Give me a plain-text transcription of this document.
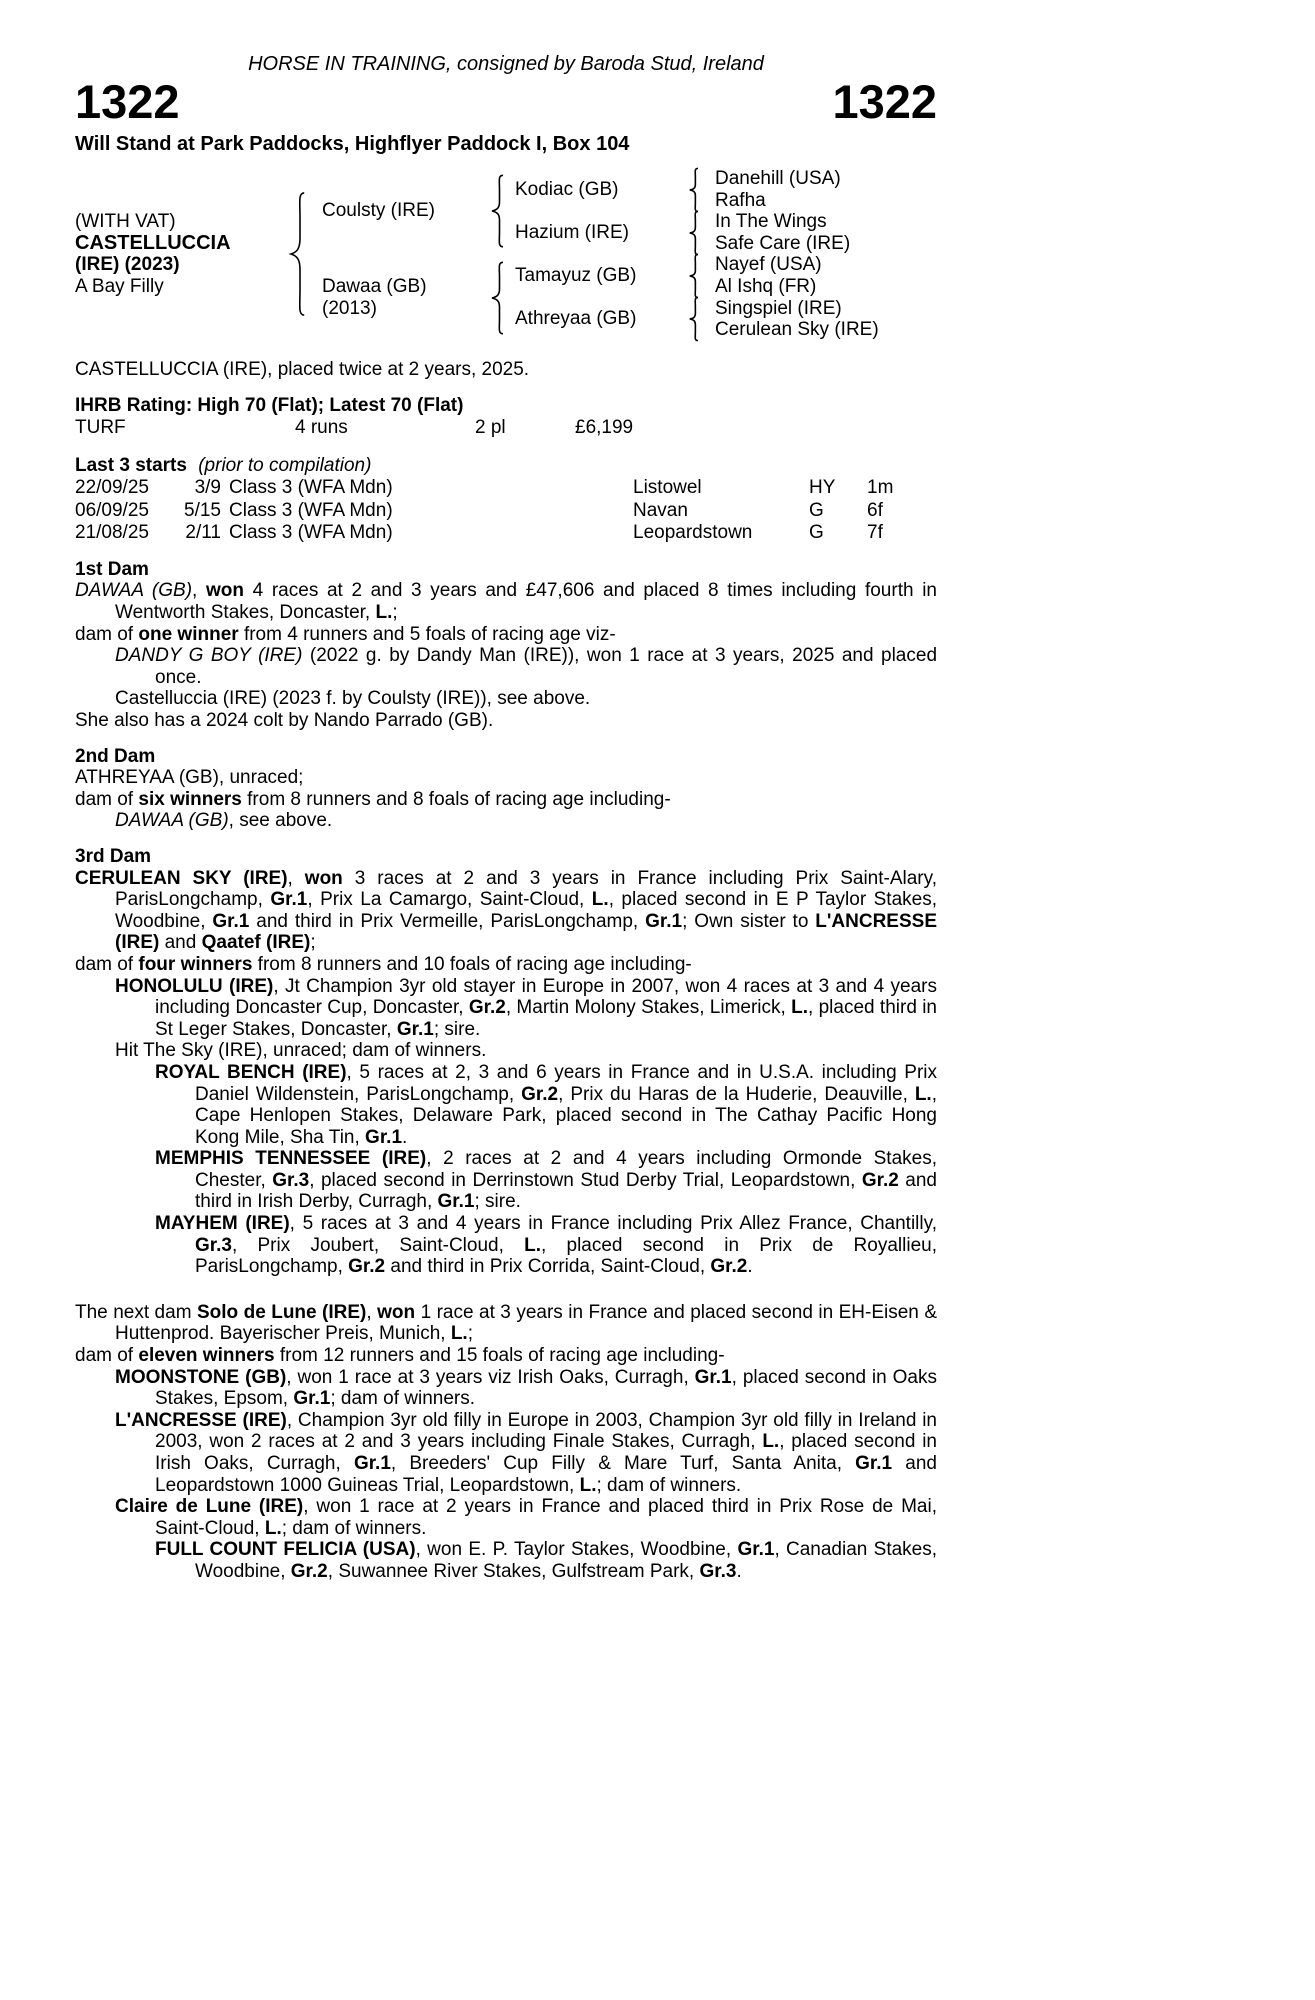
HORSE IN TRAINING, consigned by Baroda Stud, Ireland
1322	1322
Will Stand at Park Paddocks, Highflyer Paddock I, Box 104
(WITH VAT)
CASTELLUCCIA
(IRE) (2023)
A Bay Filly
Coulsty (IRE)
Dawaa (GB)
(2013)
Kodiac (GB)
Hazium (IRE)
Tamayuz (GB)
Athreyaa (GB)
Danehill (USA)
Rafha
In The Wings
Safe Care (IRE)
Nayef (USA)
Al Ishq (FR)
Singspiel (IRE)
Cerulean Sky (IRE)
CASTELLUCCIA (IRE), placed twice at 2 years, 2025.
IHRB Rating: High 70 (Flat); Latest 70 (Flat)
TURF	4 runs	2 pl	£6,199
Last 3 starts (prior to compilation)
22/09/25	3/9 Class 3 (WFA Mdn)	Listowel	HY	1m
06/09/25	5/15 Class 3 (WFA Mdn)	Navan	G	6f
21/08/25	2/11 Class 3 (WFA Mdn)	Leopardstown	G	7f
1st Dam
DAWAA (GB), won 4 races at 2 and 3 years and £47,606 and placed 8 times including fourth in Wentworth Stakes, Doncaster, L.;
dam of one winner from 4 runners and 5 foals of racing age viz-
DANDY G BOY (IRE) (2022 g. by Dandy Man (IRE)), won 1 race at 3 years, 2025 and placed once.
Castelluccia (IRE) (2023 f. by Coulsty (IRE)), see above.
She also has a 2024 colt by Nando Parrado (GB).
2nd Dam
ATHREYAA (GB), unraced;
dam of six winners from 8 runners and 8 foals of racing age including-
DAWAA (GB), see above.
3rd Dam
CERULEAN SKY (IRE), won 3 races at 2 and 3 years in France including Prix Saint-Alary, ParisLongchamp, Gr.1, Prix La Camargo, Saint-Cloud, L., placed second in E P Taylor Stakes, Woodbine, Gr.1 and third in Prix Vermeille, ParisLongchamp, Gr.1; Own sister to L'ANCRESSE (IRE) and Qaatef (IRE);
dam of four winners from 8 runners and 10 foals of racing age including-
HONOLULU (IRE), Jt Champion 3yr old stayer in Europe in 2007, won 4 races at 3 and 4 years including Doncaster Cup, Doncaster, Gr.2, Martin Molony Stakes, Limerick, L., placed third in St Leger Stakes, Doncaster, Gr.1; sire.
Hit The Sky (IRE), unraced; dam of winners.
ROYAL BENCH (IRE), 5 races at 2, 3 and 6 years in France and in U.S.A. including Prix Daniel Wildenstein, ParisLongchamp, Gr.2, Prix du Haras de la Huderie, Deauville, L., Cape Henlopen Stakes, Delaware Park, placed second in The Cathay Pacific Hong Kong Mile, Sha Tin, Gr.1.
MEMPHIS TENNESSEE (IRE), 2 races at 2 and 4 years including Ormonde Stakes, Chester, Gr.3, placed second in Derrinstown Stud Derby Trial, Leopardstown, Gr.2 and third in Irish Derby, Curragh, Gr.1; sire.
MAYHEM (IRE), 5 races at 3 and 4 years in France including Prix Allez France, Chantilly, Gr.3, Prix Joubert, Saint-Cloud, L., placed second in Prix de Royallieu, ParisLongchamp, Gr.2 and third in Prix Corrida, Saint-Cloud, Gr.2.
The next dam Solo de Lune (IRE), won 1 race at 3 years in France and placed second in EH-Eisen & Huttenprod. Bayerischer Preis, Munich, L.;
dam of eleven winners from 12 runners and 15 foals of racing age including-
MOONSTONE (GB), won 1 race at 3 years viz Irish Oaks, Curragh, Gr.1, placed second in Oaks Stakes, Epsom, Gr.1; dam of winners.
L'ANCRESSE (IRE), Champion 3yr old filly in Europe in 2003, Champion 3yr old filly in Ireland in 2003, won 2 races at 2 and 3 years including Finale Stakes, Curragh, L., placed second in Irish Oaks, Curragh, Gr.1, Breeders' Cup Filly & Mare Turf, Santa Anita, Gr.1 and Leopardstown 1000 Guineas Trial, Leopardstown, L.; dam of winners.
Claire de Lune (IRE), won 1 race at 2 years in France and placed third in Prix Rose de Mai, Saint-Cloud, L.; dam of winners.
FULL COUNT FELICIA (USA), won E. P. Taylor Stakes, Woodbine, Gr.1, Canadian Stakes, Woodbine, Gr.2, Suwannee River Stakes, Gulfstream Park, Gr.3.
